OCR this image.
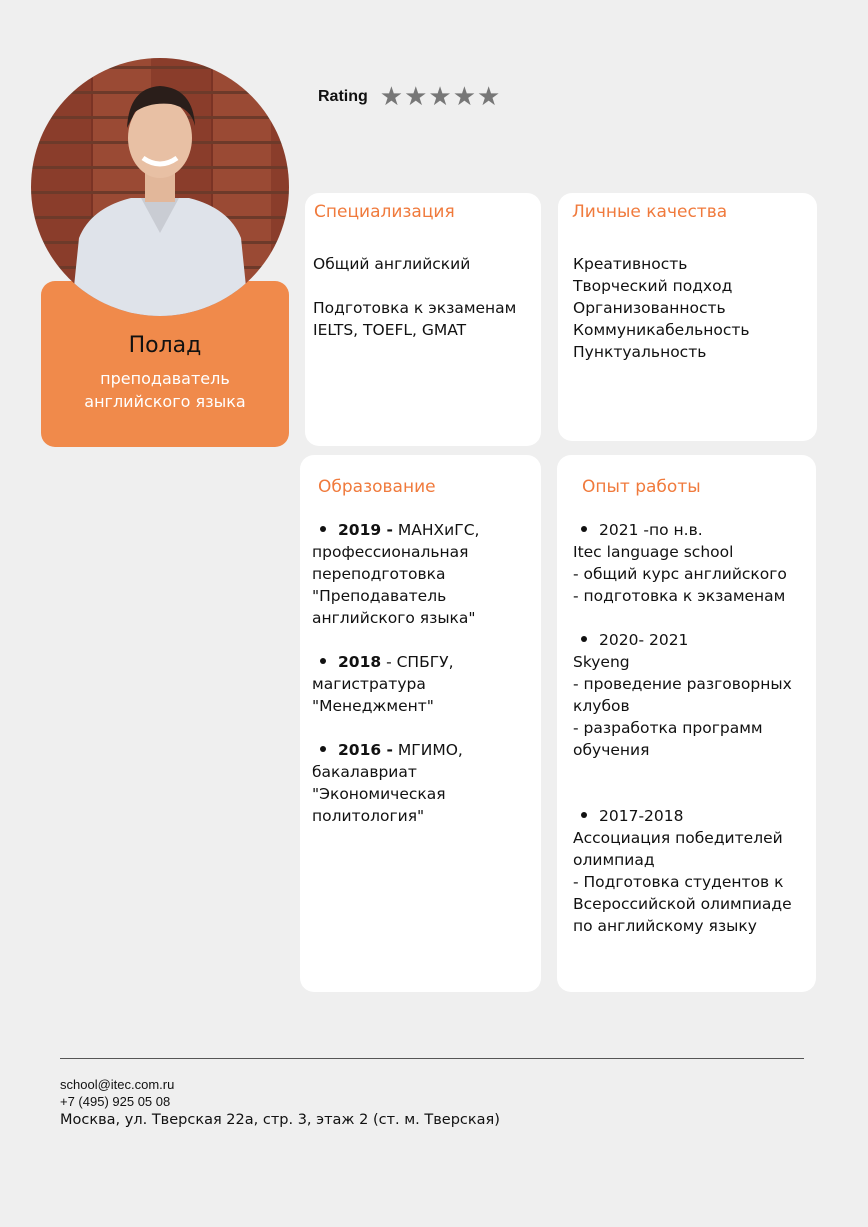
Полад
преподаватель английского языка
Rating ★ ★ ★ ★ ★
Специализация

Общий английский

Подготовка к экзаменам IELTS, TOEFL, GMAT

Личные качества

Креативность

Творческий подход

Организованность

Коммуникабельность

Пунктуальность

Образование

2019 - МАНХиГС, профессиональная переподготовка "Преподаватель английского языка"

2018 - СПБГУ, магистратура "Менеджмент"

2016 - МГИМО, бакалавриат "Экономическая политология"

Опыт работы

2021 -по н.в.

Itec language school

- общий курс английского

- подготовка к экзаменам

2020- 2021

Skyeng

- проведение разговорных клубов

- разработка программ обучения

2017-2018

Ассоциация победителей олимпиад

- Подготовка студентов к Всероссийской олимпиаде по английскому языку

school@itec.com.ru
+7 (495) 925 05 08
Москва, ул. Тверская 22а, стр. 3, этаж 2 (ст. м. Тверская)
